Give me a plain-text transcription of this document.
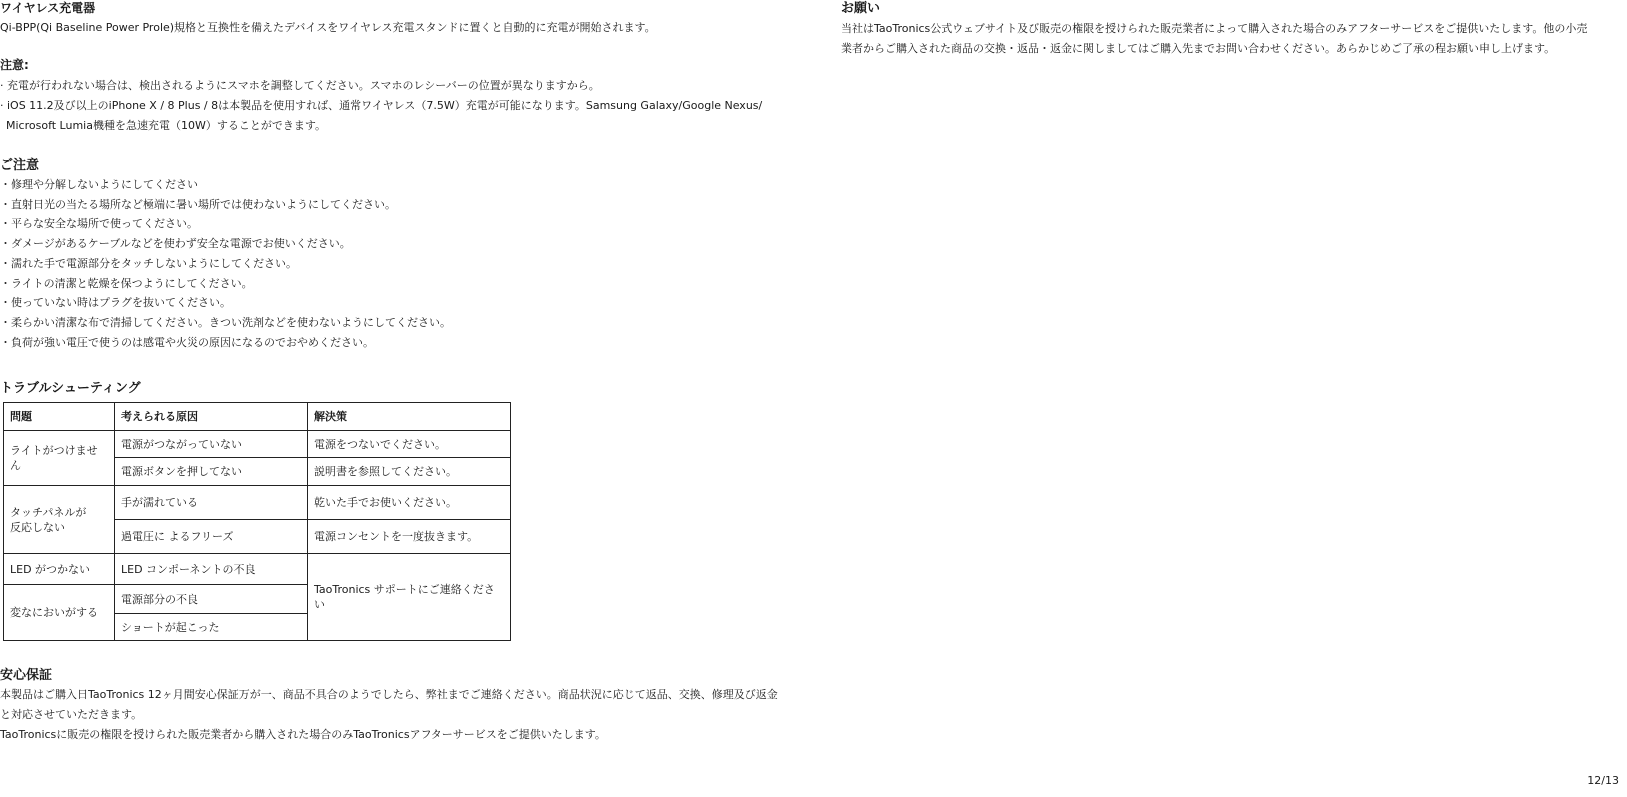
ワイヤレス充電器
Qi-BPP(Qi Baseline Power Prole)規格と互換性を備えたデバイスをワイヤレス充電スタンドに置くと自動的に充電が開始されます。
注意:
· 充電が行われない場合は、検出されるようにスマホを調整してください。スマホのレシーバーの位置が異なりますから。
· iOS 11.2及び以上のiPhone X / 8 Plus / 8は本製品を使用すれば、通常ワイヤレス（7.5W）充電が可能になります。Samsung Galaxy/Google Nexus/
Microsoft Lumia機種を急速充電（10W）することができます。
ご注意
・ 修理や分解しないようにしてください
・ 直射日光の当たる場所など極端に暑い場所では使わないようにしてください。
・ 平らな安全な場所で使ってください。
・ ダメージがあるケーブルなどを使わず安全な電源でお使いください。
・ 濡れた手で電源部分をタッチしないようにしてください。
・ ライトの清潔と乾燥を保つようにしてください。
・ 使っていない時はプラグを抜いてください。
・ 柔らかい清潔な布で清掃してください。きつい洗剤などを使わないようにしてください。
・ 負荷が強い電圧で使うのは感電や火災の原因になるのでおやめください。
トラブルシューティング
問題	考えられる原因	解決策
ライトがつけません	電源がつながっていない	電源をつないでください。
	電源ボタンを押してない	説明書を参照してください。
タッチパネルが
反応しない	手が濡れている	乾いた手でお使いください。
	過電圧に よるフリーズ	電源コンセントを一度抜きます。
LED がつかない	LED コンポーネントの不良	TaoTronics サポートにご連絡ください
変なにおいがする	電源部分の不良	
	ショートが起こった	
安心保証
本製品はご購入日TaoTronics 12ヶ月間安心保証万が一、商品不具合のようでしたら、弊社までご連絡ください。商品状況に応じて返品、交換、修理及び返金
と対応させていただきます。
TaoTronicsに販売の権限を授けられた販売業者から購入された場合のみTaoTronicsアフターサービスをご提供いたします。
お願い
当社はTaoTronics公式ウェブサイト及び販売の権限を授けられた販売業者によって購入された場合のみアフターサービスをご提供いたします。他の小売
業者からご購入された商品の交換・返品・返金に関しましてはご購入先までお問い合わせください。あらかじめご了承の程お願い申し上げます。
12/13
